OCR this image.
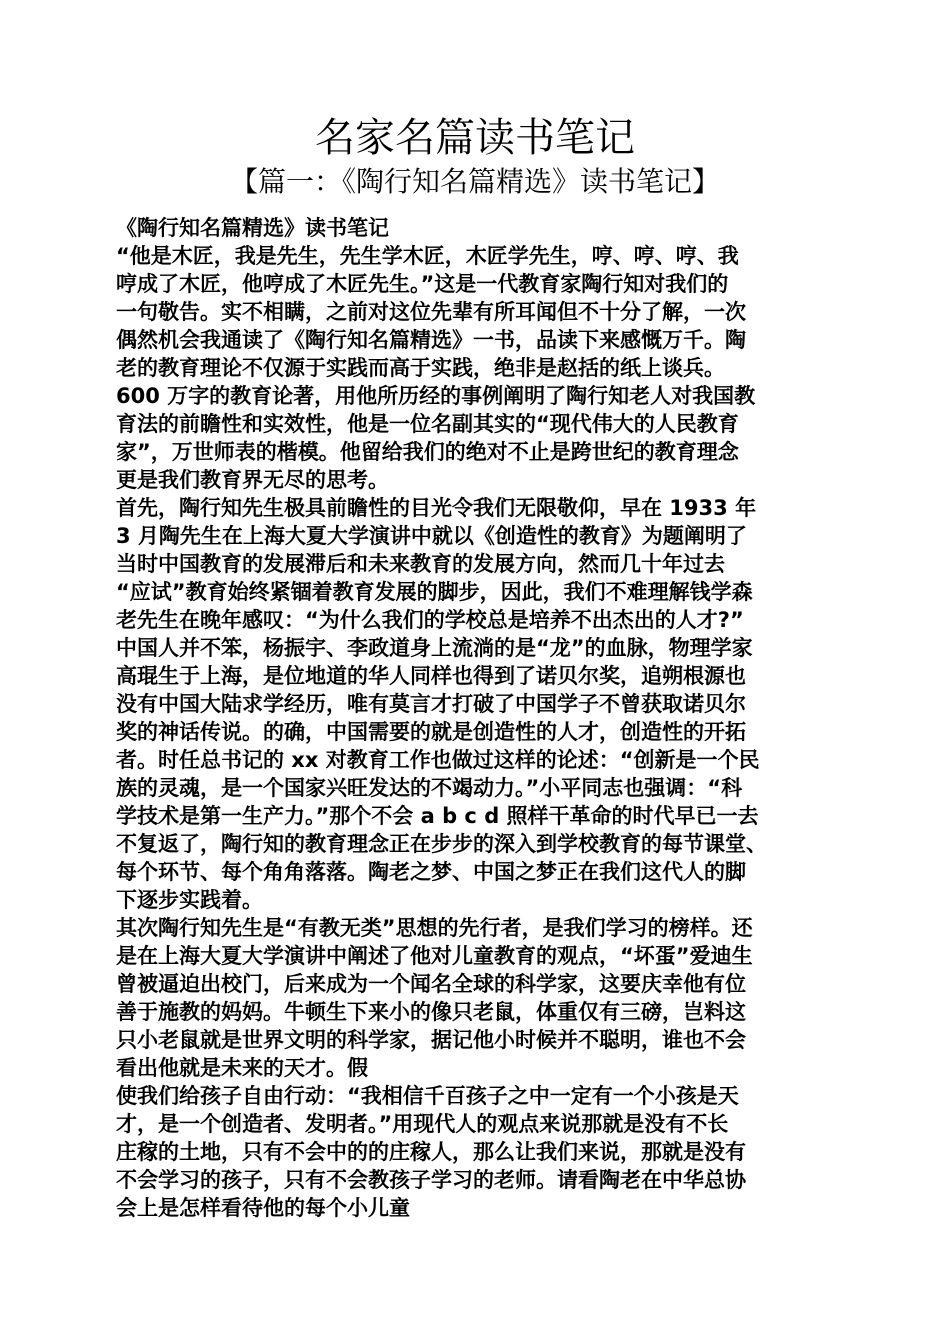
名家名篇读书笔记
【篇一：《陶行知名篇精选》读书笔记】
《陶行知名篇精选》读书笔记
“他是木匠，我是先生，先生学木匠，木匠学先生，哼、哼、哼、我
哼成了木匠，他哼成了木匠先生。”这是一代教育家陶行知对我们的
一句敬告。实不相瞒，之前对这位先辈有所耳闻但不十分了解，一次
偶然机会我通读了《陶行知名篇精选》一书，品读下来感慨万千。陶
老的教育理论不仅源于实践而高于实践，绝非是赵括的纸上谈兵。
600 万字的教育论著，用他所历经的事例阐明了陶行知老人对我国教
育法的前瞻性和实效性，他是一位名副其实的“现代伟大的人民教育
家”，万世师表的楷模。他留给我们的绝对不止是跨世纪的教育理念
更是我们教育界无尽的思考。
首先，陶行知先生极具前瞻性的目光令我们无限敬仰，早在 1933 年
3 月陶先生在上海大夏大学演讲中就以《创造性的教育》为题阐明了
当时中国教育的发展滞后和未来教育的发展方向，然而几十年过去
“应试”教育始终紧锢着教育发展的脚步，因此，我们不难理解钱学森
老先生在晚年感叹：“为什么我们的学校总是培养不出杰出的人才?”
中国人并不笨，杨振宇、李政道身上流淌的是“龙”的血脉，物理学家
高琨生于上海，是位地道的华人同样也得到了诺贝尔奖，追朔根源也
没有中国大陆求学经历，唯有莫言才打破了中国学子不曾获取诺贝尔
奖的神话传说。的确，中国需要的就是创造性的人才，创造性的开拓
者。时任总书记的 xx 对教育工作也做过这样的论述：“创新是一个民
族的灵魂，是一个国家兴旺发达的不竭动力。”小平同志也强调：“科
学技术是第一生产力。”那个不会 a b c d 照样干革命的时代早已一去
不复返了，陶行知的教育理念正在步步的深入到学校教育的每节课堂、
每个环节、每个角角落落。陶老之梦、中国之梦正在我们这代人的脚
下逐步实践着。
其次陶行知先生是“有教无类”思想的先行者，是我们学习的榜样。还
是在上海大夏大学演讲中阐述了他对儿童教育的观点，“坏蛋”爱迪生
曾被逼迫出校门，后来成为一个闻名全球的科学家，这要庆幸他有位
善于施教的妈妈。牛顿生下来小的像只老鼠，体重仅有三磅，岂料这
只小老鼠就是世界文明的科学家，据记他小时候并不聪明，谁也不会
看出他就是未来的天才。假
使我们给孩子自由行动：“我相信千百孩子之中一定有一个小孩是天
才，是一个创造者、发明者。”用现代人的观点来说那就是没有不长
庄稼的土地，只有不会中的的庄稼人，那么让我们来说，那就是没有
不会学习的孩子，只有不会教孩子学习的老师。请看陶老在中华总协
会上是怎样看待他的每个小儿童
